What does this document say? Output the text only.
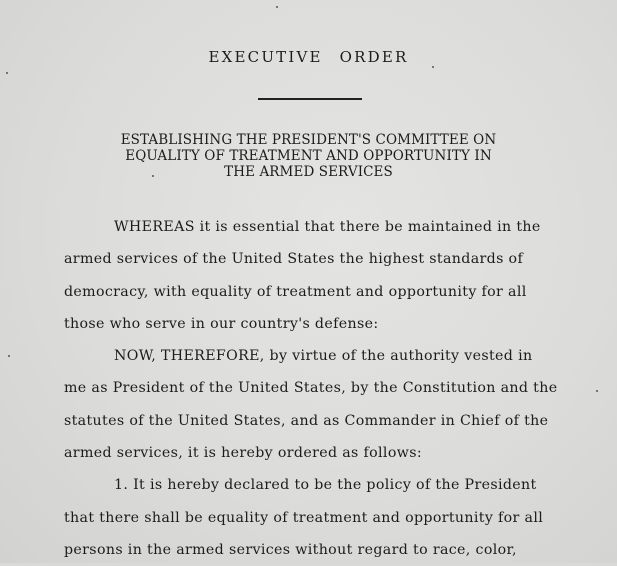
EXECUTIVE ORDER
ESTABLISHING THE PRESIDENT'S COMMITTEE ON
EQUALITY OF TREATMENT AND OPPORTUNITY IN
THE ARMED SERVICES
WHEREAS it is essential that there be maintained in the
armed services of the United States the highest standards of
democracy, with equality of treatment and opportunity for all
those who serve in our country's defense:
NOW, THEREFORE, by virtue of the authority vested in
me as President of the United States, by the Constitution and the
statutes of the United States, and as Commander in Chief of the
armed services, it is hereby ordered as follows:
1. It is hereby declared to be the policy of the President
that there shall be equality of treatment and opportunity for all
persons in the armed services without regard to race, color,
